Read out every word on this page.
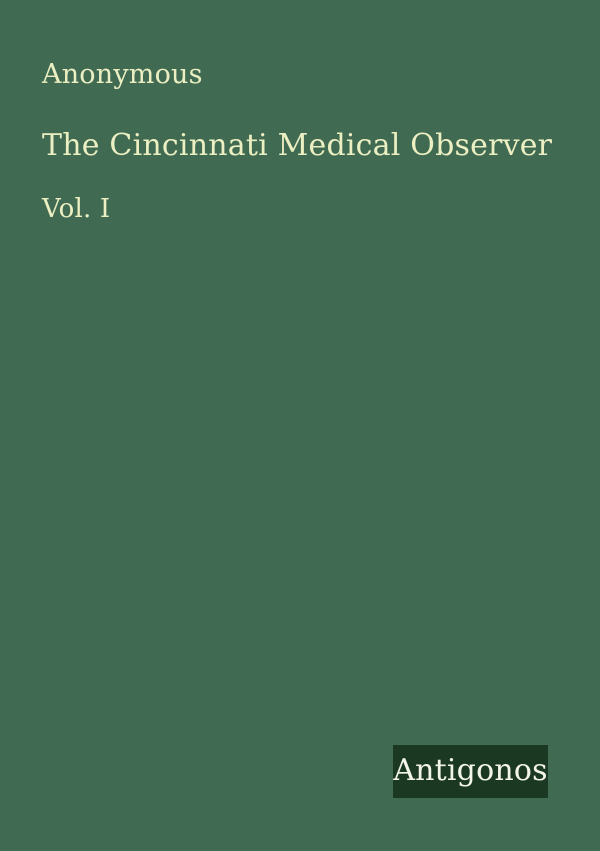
Anonymous
The Cincinnati Medical Observer
Vol. I
Antigonos
